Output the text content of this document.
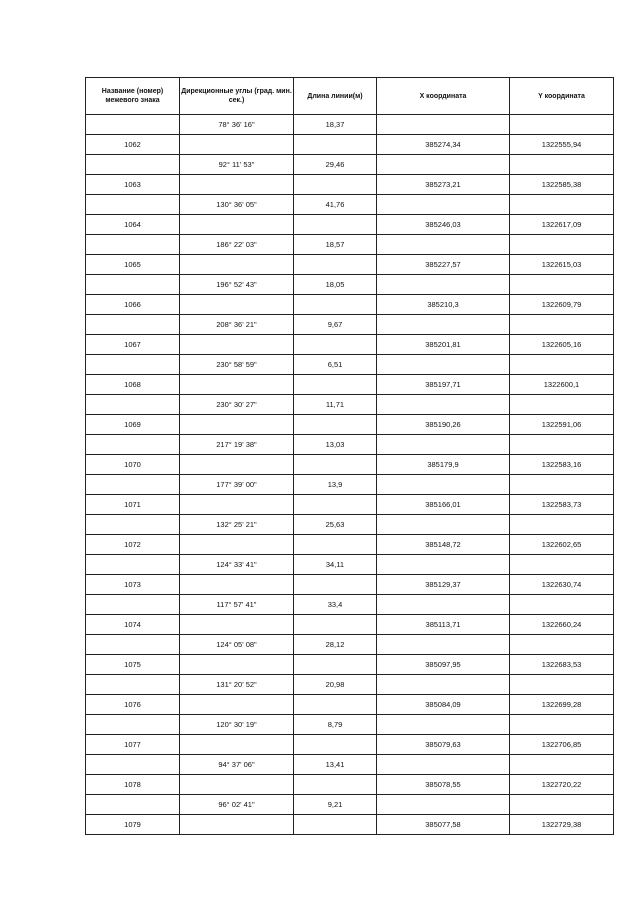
Название (номер) межевого знака	Дирекционные углы (град. мин. сек.)	Длина линии(м)	X координата	Y координата
	78° 36' 16"	18,37		
1062			385274,34	1322555,94
	92° 11' 53"	29,46		
1063			385273,21	1322585,38
	130° 36' 05"	41,76		
1064			385246,03	1322617,09
	186° 22' 03"	18,57		
1065			385227,57	1322615,03
	196° 52' 43"	18,05		
1066			385210,3	1322609,79
	208° 36' 21"	9,67		
1067			385201,81	1322605,16
	230° 58' 59"	6,51		
1068			385197,71	1322600,1
	230° 30' 27"	11,71		
1069			385190,26	1322591,06
	217° 19' 38"	13,03		
1070			385179,9	1322583,16
	177° 39' 00"	13,9		
1071			385166,01	1322583,73
	132° 25' 21"	25,63		
1072			385148,72	1322602,65
	124° 33' 41"	34,11		
1073			385129,37	1322630,74
	117° 57' 41"	33,4		
1074			385113,71	1322660,24
	124° 05' 08"	28,12		
1075			385097,95	1322683,53
	131° 20' 52"	20,98		
1076			385084,09	1322699,28
	120° 30' 19"	8,79		
1077			385079,63	1322706,85
	94° 37' 06"	13,41		
1078			385078,55	1322720,22
	96° 02' 41"	9,21		
1079			385077,58	1322729,38
